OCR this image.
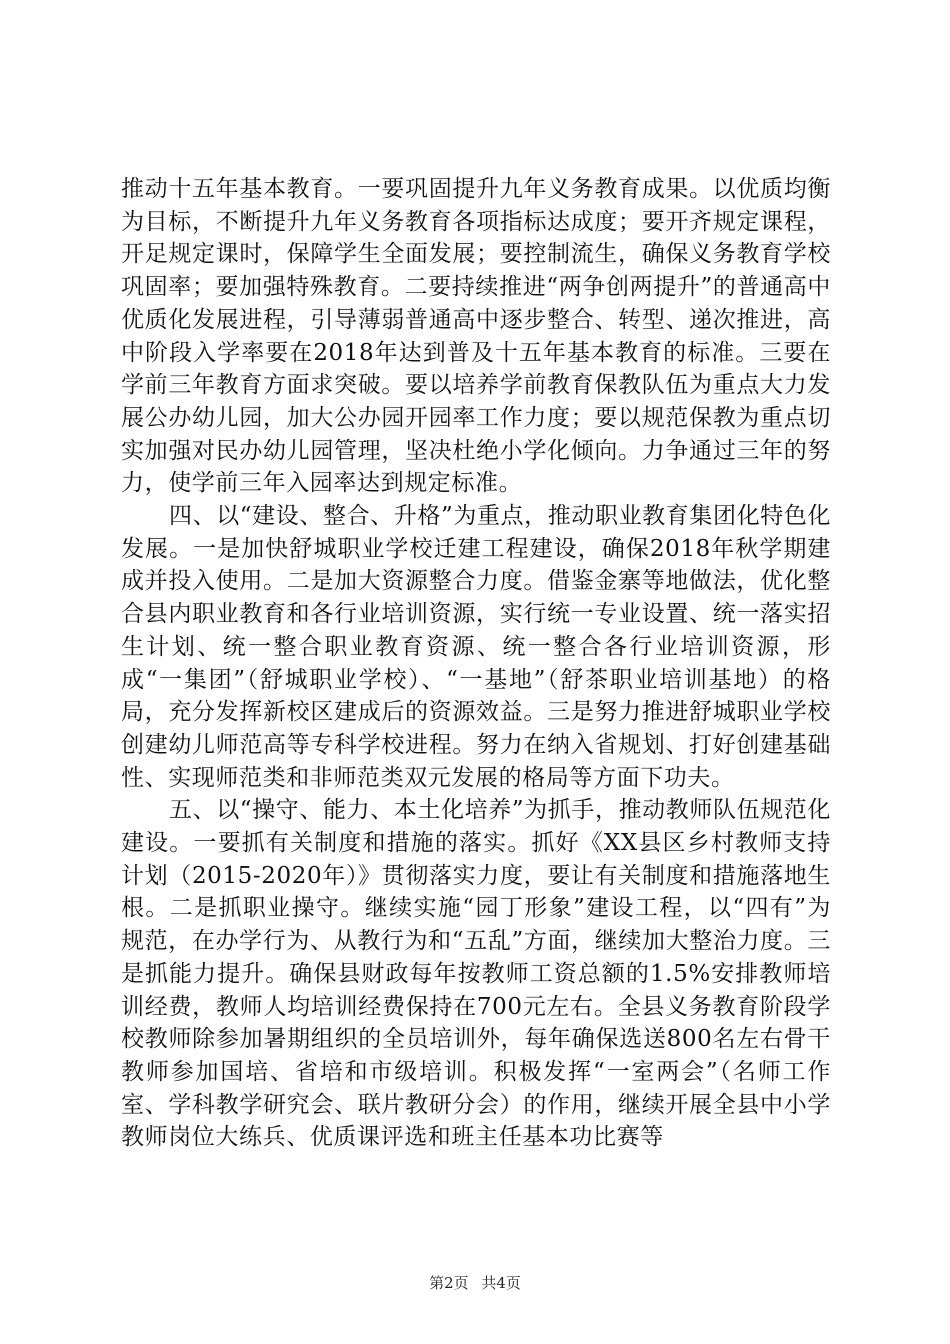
推动十五年基本教育。一要巩固提升九年义务教育成果。以优质均衡为目标，不断提升九年义务教育各项指标达成度；要开齐规定课程，开足规定课时，保障学生全面发展；要控制流生，确保义务教育学校巩固率；要加强特殊教育。二要持续推进“两争创两提升”的普通高中优质化发展进程，引导薄弱普通高中逐步整合、转型、递次推进，高中阶段入学率要在2018年达到普及十五年基本教育的标准。三要在学前三年教育方面求突破。要以培养学前教育保教队伍为重点大力发展公办幼儿园，加大公办园开园率工作力度；要以规范保教为重点切实加强对民办幼儿园管理，坚决杜绝小学化倾向。力争通过三年的努力，使学前三年入园率达到规定标准。

四、以“建设、整合、升格”为重点，推动职业教育集团化特色化发展。一是加快舒城职业学校迁建工程建设，确保2018年秋学期建成并投入使用。二是加大资源整合力度。借鉴金寨等地做法，优化整合县内职业教育和各行业培训资源，实行统一专业设置、统一落实招生计划、统一整合职业教育资源、统一整合各行业培训资源，形成“一集团”（舒城职业学校）、“一基地”（舒茶职业培训基地）的格局，充分发挥新校区建成后的资源效益。三是努力推进舒城职业学校创建幼儿师范高等专科学校进程。努力在纳入省规划、打好创建基础性、实现师范类和非师范类双元发展的格局等方面下功夫。

五、以“操守、能力、本土化培养”为抓手，推动教师队伍规范化建设。一要抓有关制度和措施的落实。抓好《XX县区乡村教师支持计划（2015-2020年）》贯彻落实力度，要让有关制度和措施落地生根。二是抓职业操守。继续实施“园丁形象”建设工程，以“四有”为规范，在办学行为、从教行为和“五乱”方面，继续加大整治力度。三是抓能力提升。确保县财政每年按教师工资总额的1.5%安排教师培训经费，教师人均培训经费保持在700元左右。全县义务教育阶段学校教师除参加暑期组织的全员培训外，每年确保选送800名左右骨干教师参加国培、省培和市级培训。积极发挥“一室两会”（名师工作室、学科教学研究会、联片教研分会）的作用，继续开展全县中小学教师岗位大练兵、优质课评选和班主任基本功比赛等

第2页 共4页
